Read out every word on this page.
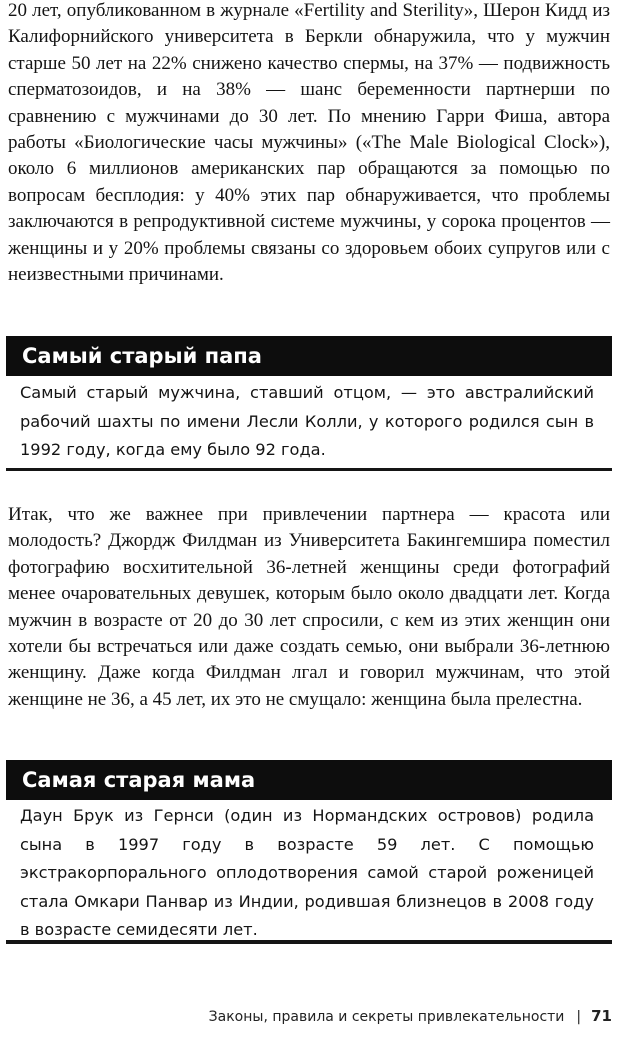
20 лет, опубликованном в журнале «Fertility and Sterility», Шерон Кидд из Калифорнийского университета в Беркли обнаружила, что у мужчин старше 50 лет на 22% снижено качество спермы, на 37% — подвижность сперматозоидов, и на 38% — шанс беременности партнерши по сравнению с мужчинами до 30 лет. По мнению Гарри Фиша, автора работы «Биологические часы мужчины» («The Male Biological Clock»), около 6 миллионов американских пар обращаются за помощью по вопросам бесплодия: у 40% этих пар обнаруживается, что проблемы заключаются в репродуктивной системе мужчины, у сорока процентов — женщины и у 20% проблемы связаны со здоровьем обоих супругов или с неизвестными причинами.

Самый старый папа

Самый старый мужчина, ставший отцом, — это австралийский рабочий шахты по имени Лесли Колли, у которого родился сын в 1992 году, когда ему было 92 года.

Итак, что же важнее при привлечении партнера — красота или молодость? Джордж Филдман из Университета Бакингемшира поместил фотографию восхитительной 36-летней женщины среди фотографий менее очаровательных девушек, которым было около двадцати лет. Когда мужчин в возрасте от 20 до 30 лет спросили, с кем из этих женщин они хотели бы встречаться или даже создать семью, они выбрали 36-летнюю женщину. Даже когда Филдман лгал и говорил мужчинам, что этой женщине не 36, а 45 лет, их это не смущало: женщина была прелестна.

Самая старая мама

Даун Брук из Гернси (один из Нормандских островов) родила сына в 1997 году в возрасте 59 лет. С помощью экстракорпорального оплодотворения самой старой роженицей стала Омкари Панвар из Индии, родившая близнецов в 2008 году в возрасте семидесяти лет.

Законы, правила и секреты привлекательности | 71
